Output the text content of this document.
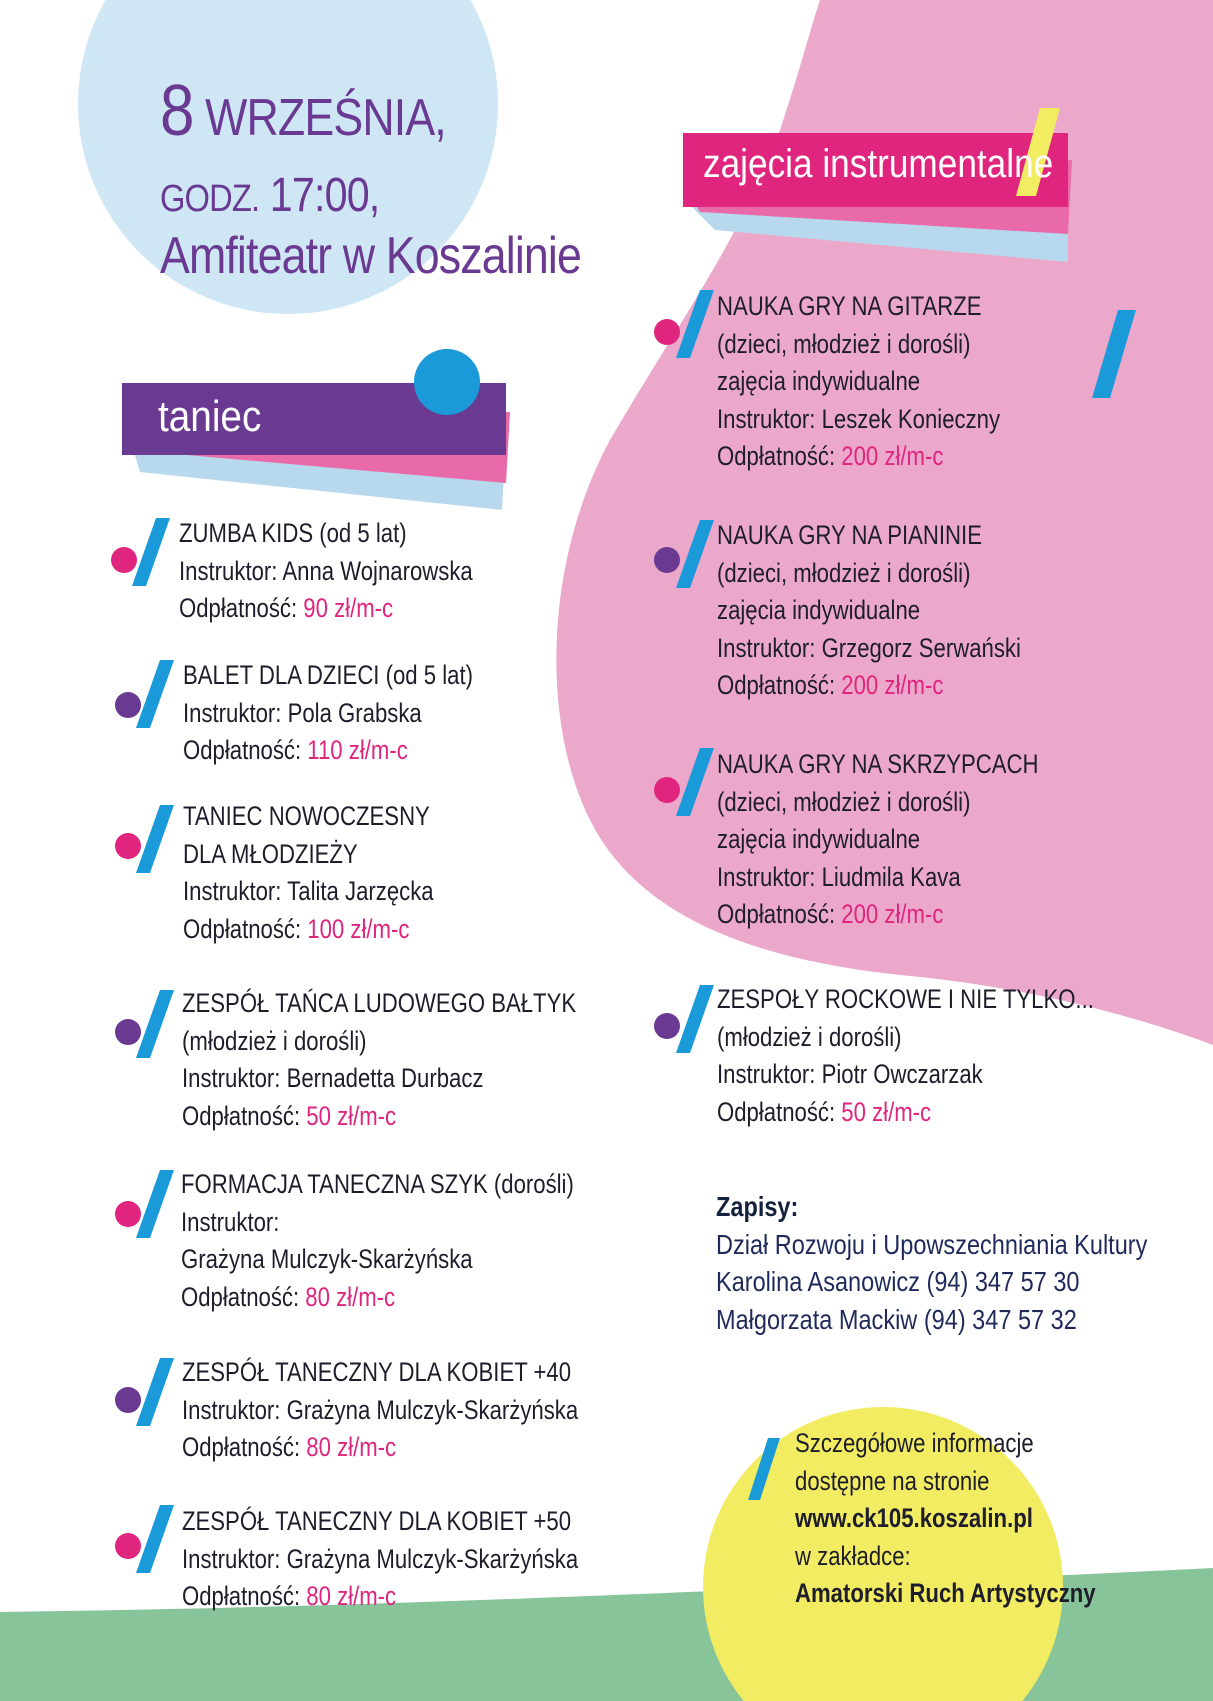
8 WRZEŚNIA,
GODZ. 17:00,
Amfiteatr w Koszalinie
taniec
zajęcia instrumentalne
ZUMBA KIDS (od 5 lat)
Instruktor: Anna Wojnarowska
Odpłatność: 90 zł/m-c
BALET DLA DZIECI (od 5 lat)
Instruktor: Pola Grabska
Odpłatność: 110 zł/m-c
TANIEC NOWOCZESNY
DLA MŁODZIEŻY
Instruktor: Talita Jarzęcka
Odpłatność: 100 zł/m-c
ZESPÓŁ TAŃCA LUDOWEGO BAŁTYK
(młodzież i dorośli)
Instruktor: Bernadetta Durbacz
Odpłatność: 50 zł/m-c
FORMACJA TANECZNA SZYK (dorośli)
Instruktor:
Grażyna Mulczyk-Skarżyńska
Odpłatność: 80 zł/m-c
ZESPÓŁ TANECZNY DLA KOBIET +40
Instruktor: Grażyna Mulczyk-Skarżyńska
Odpłatność: 80 zł/m-c
ZESPÓŁ TANECZNY DLA KOBIET +50
Instruktor: Grażyna Mulczyk-Skarżyńska
Odpłatność: 80 zł/m-c
NAUKA GRY NA GITARZE
(dzieci, młodzież i dorośli)
zajęcia indywidualne
Instruktor: Leszek Konieczny
Odpłatność: 200 zł/m-c
NAUKA GRY NA PIANINIE
(dzieci, młodzież i dorośli)
zajęcia indywidualne
Instruktor: Grzegorz Serwański
Odpłatność: 200 zł/m-c
NAUKA GRY NA SKRZYPCACH
(dzieci, młodzież i dorośli)
zajęcia indywidualne
Instruktor: Liudmila Kava
Odpłatność: 200 zł/m-c
ZESPOŁY ROCKOWE I NIE TYLKO...
(młodzież i dorośli)
Instruktor: Piotr Owczarzak
Odpłatność: 50 zł/m-c
Zapisy:
Dział Rozwoju i Upowszechniania Kultury
Karolina Asanowicz (94) 347 57 30
Małgorzata Mackiw (94) 347 57 32
Szczegółowe informacje
dostępne na stronie
www.ck105.koszalin.pl
w zakładce:
Amatorski Ruch Artystyczny
